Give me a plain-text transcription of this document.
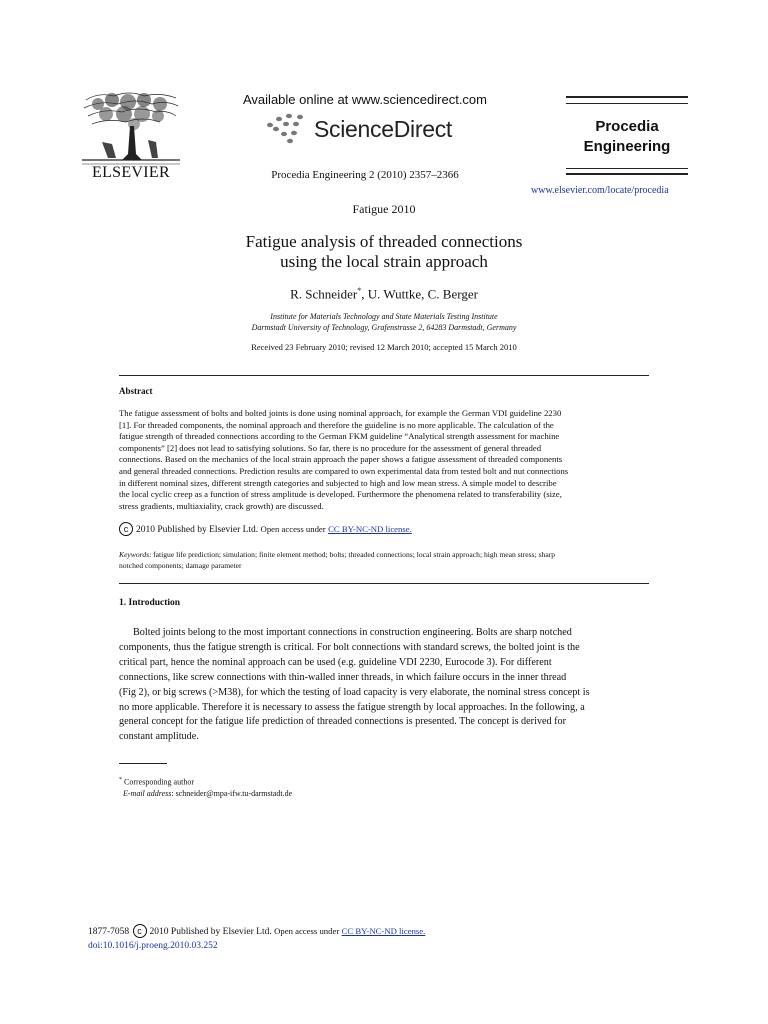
ELSEVIER
Available online at www.sciencedirect.com
ScienceDirect
Procedia Engineering 2 (2010) 2357–2366
Procedia
Engineering
www.elsevier.com/locate/procedia
Fatigue 2010
Fatigue analysis of threaded connections
using the local strain approach
R. Schneider*, U. Wuttke, C. Berger
Institute for Materials Technology and State Materials Testing Institute
Darmstadt University of Technology, Grafenstrasse 2, 64283 Darmstadt, Germany
Received 23 February 2010; revised 12 March 2010; accepted 15 March 2010
Abstract
The fatigue assessment of bolts and bolted joints is done using nominal approach, for example the German VDI guideline 2230
[1]. For threaded components, the nominal approach and therefore the guideline is no more applicable. The calculation of the
fatigue strength of threaded connections according to the German FKM guideline “Analytical strength assessment for machine
components” [2] does not lead to satisfying solutions. So far, there is no procedure for the assessment of general threaded
connections. Based on the mechanics of the local strain approach the paper shows a fatigue assessment of threaded components
and general threaded connections. Prediction results are compared to own experimental data from tested bolt and nut connections
in different nominal sizes, different strength categories and subjected to high and low mean stress. A simple model to describe
the local cyclic creep as a function of stress amplitude is developed. Furthermore the phenomena related to transferability (size,
stress gradients, multiaxiality, crack growth) are discussed.
c 2010 Published by Elsevier Ltd. Open access under CC BY-NC-ND license.
Keywords: fatigue life prediction; simulation; finite element method; bolts; threaded connections; local strain approach; high mean stress; sharp
notched components; damage parameter
1. Introduction
Bolted joints belong to the most important connections in construction engineering. Bolts are sharp notched
components, thus the fatigue strength is critical. For bolt connections with standard screws, the bolted joint is the
critical part, hence the nominal approach can be used (e.g. guideline VDI 2230, Eurocode 3). For different
connections, like screw connections with thin-walled inner threads, in which failure occurs in the inner thread
(Fig 2), or big screws (>M38), for which the testing of load capacity is very elaborate, the nominal stress concept is
no more applicable. Therefore it is necessary to assess the fatigue strength by local approaches. In the following, a
general concept for the fatigue life prediction of threaded connections is presented. The concept is derived for
constant amplitude.
* Corresponding author
E-mail address: schneider@mpa-ifw.tu-darmstadt.de
1877-7058 c 2010 Published by Elsevier Ltd. Open access under CC BY-NC-ND license.
doi:10.1016/j.proeng.2010.03.252
